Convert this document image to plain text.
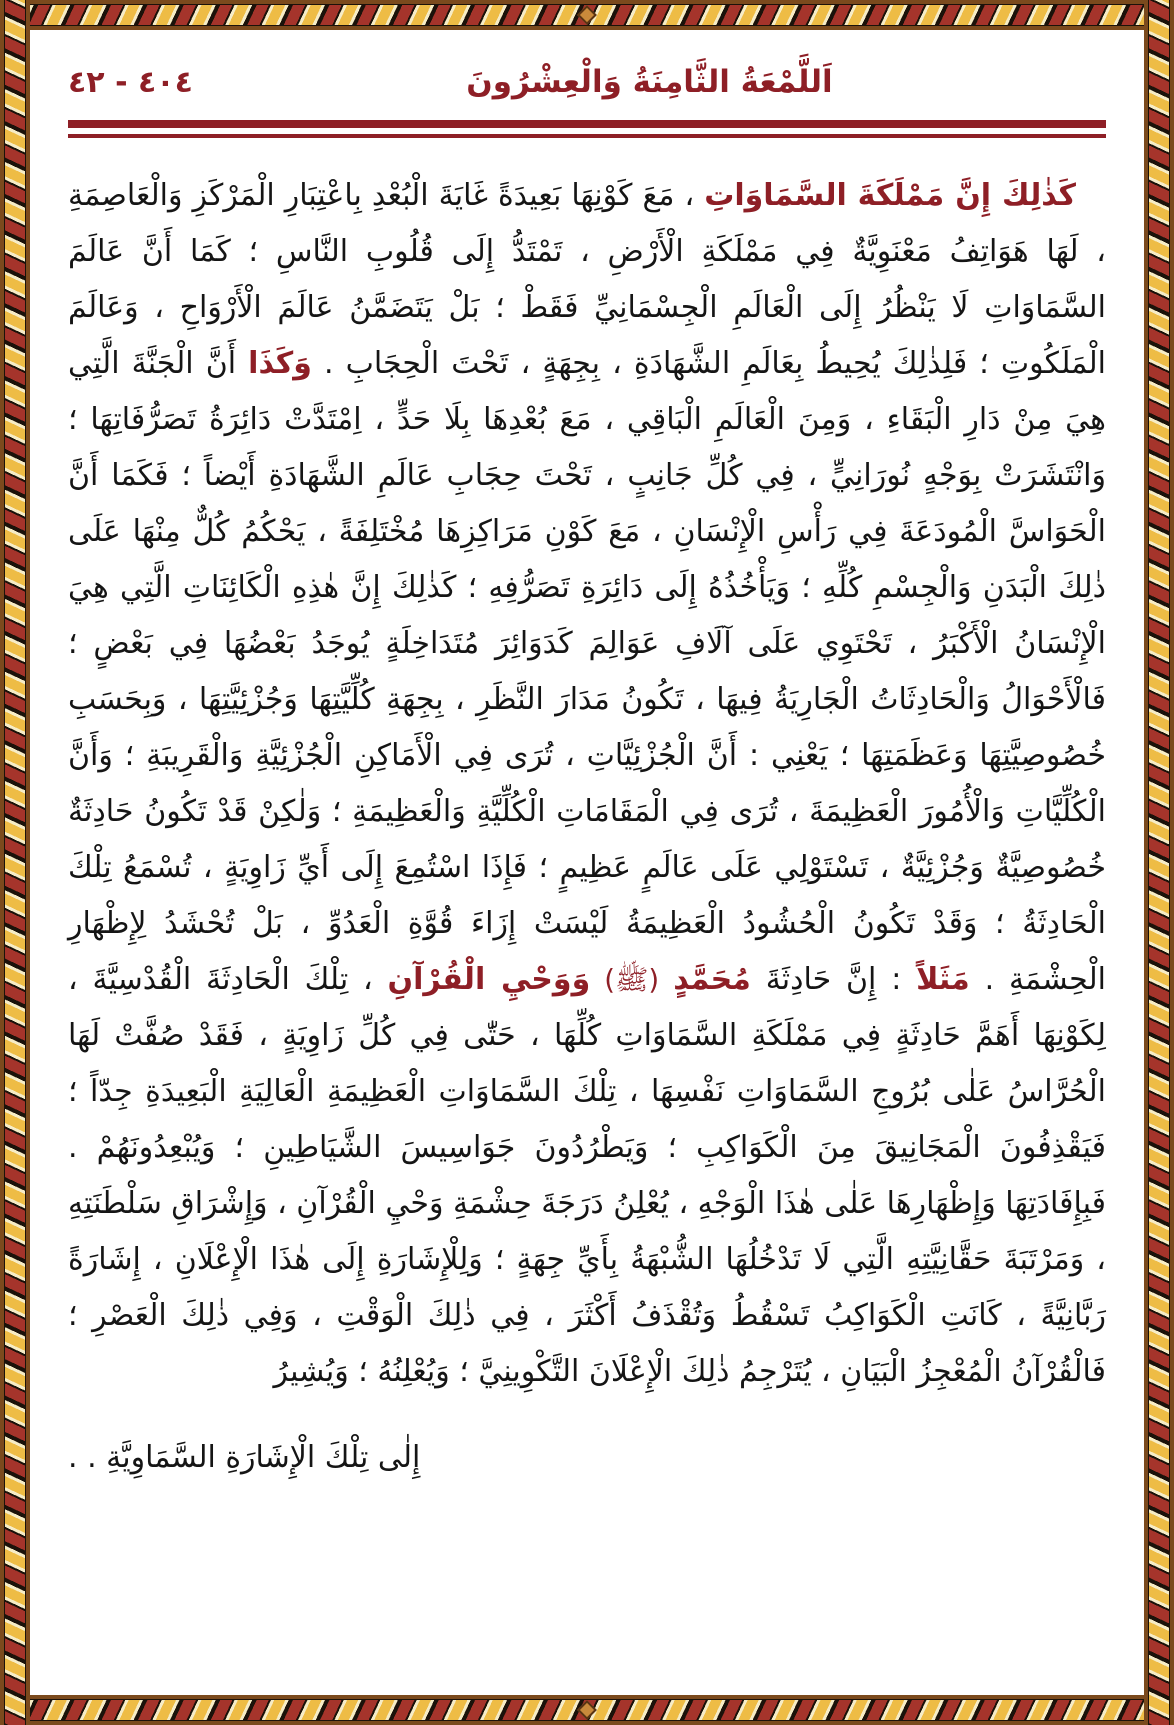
اَللَّمْعَةُ الثَّامِنَةُ وَالْعِشْرُونَ
٤٠٤ - ٤٢

كَذٰلِكَ إِنَّ مَمْلَكَةَ السَّمَاوَاتِ ، مَعَ كَوْنِهَا بَعِيدَةً غَايَةَ الْبُعْدِ بِاعْتِبَارِ الْمَرْكَزِ وَالْعَاصِمَةِ ، لَهَا هَوَاتِفُ مَعْنَوِيَّةٌ فِي مَمْلَكَةِ الْأَرْضِ ، تَمْتَدُّ إِلَى قُلُوبِ النَّاسِ ؛ كَمَا أَنَّ عَالَمَ السَّمَاوَاتِ لَا يَنْظُرُ إِلَى الْعَالَمِ الْجِسْمَانِيِّ فَقَطْ ؛ بَلْ يَتَضَمَّنُ عَالَمَ الْأَرْوَاحِ ، وَعَالَمَ الْمَلَكُوتِ ؛ فَلِذٰلِكَ يُحِيطُ بِعَالَمِ الشَّهَادَةِ ، بِجِهَةٍ ، تَحْتَ الْحِجَابِ . وَكَذَا أَنَّ الْجَنَّةَ الَّتِي هِيَ مِنْ دَارِ الْبَقَاءِ ، وَمِنَ الْعَالَمِ الْبَاقِي ، مَعَ بُعْدِهَا بِلَا حَدٍّ ، اِمْتَدَّتْ دَائِرَةُ تَصَرُّفَاتِهَا ؛ وَانْتَشَرَتْ بِوَجْهٍ نُورَانِيٍّ ، فِي كُلِّ جَانِبٍ ، تَحْتَ حِجَابِ عَالَمِ الشَّهَادَةِ أَيْضاً ؛ فَكَمَا أَنَّ الْحَوَاسَّ الْمُودَعَةَ فِي رَأْسِ الْإِنْسَانِ ، مَعَ كَوْنِ مَرَاكِزِهَا مُخْتَلِفَةً ، يَحْكُمُ كُلٌّ مِنْهَا عَلَى ذٰلِكَ الْبَدَنِ وَالْجِسْمِ كُلِّهِ ؛ وَيَأْخُذُهُ إِلَى دَائِرَةِ تَصَرُّفِهِ ؛ كَذٰلِكَ إِنَّ هٰذِهِ الْكَائِنَاتِ الَّتِي هِيَ الْإِنْسَانُ الْأَكْبَرُ ، تَحْتَوِي عَلَى آلَافِ عَوَالِمَ كَدَوَائِرَ مُتَدَاخِلَةٍ يُوجَدُ بَعْضُهَا فِي بَعْضٍ ؛ فَالْأَحْوَالُ وَالْحَادِثَاتُ الْجَارِيَةُ فِيهَا ، تَكُونُ مَدَارَ النَّظَرِ ، بِجِهَةِ كُلِّيَّتِهَا وَجُزْئِيَّتِهَا ، وَبِحَسَبِ خُصُوصِيَّتِهَا وَعَظَمَتِهَا ؛ يَعْنِي : أَنَّ الْجُزْئِيَّاتِ ، تُرَى فِي الْأَمَاكِنِ الْجُزْئِيَّةِ وَالْقَرِيبَةِ ؛ وَأَنَّ الْكُلِّيَّاتِ وَالْأُمُورَ الْعَظِيمَةَ ، تُرَى فِي الْمَقَامَاتِ الْكُلِّيَّةِ وَالْعَظِيمَةِ ؛ وَلٰكِنْ قَدْ تَكُونُ حَادِثَةٌ خُصُوصِيَّةٌ وَجُزْئِيَّةٌ ، تَسْتَوْلِي عَلَى عَالَمٍ عَظِيمٍ ؛ فَإِذَا اسْتُمِعَ إِلَى أَيِّ زَاوِيَةٍ ، تُسْمَعُ تِلْكَ الْحَادِثَةُ ؛ وَقَدْ تَكُونُ الْحُشُودُ الْعَظِيمَةُ لَيْسَتْ إِزَاءَ قُوَّةِ الْعَدُوِّ ، بَلْ تُحْشَدُ لِإِظْهَارِ الْحِشْمَةِ . مَثَلاً : إِنَّ حَادِثَةَ مُحَمَّدٍ (ﷺ) وَوَحْيِ الْقُرْآنِ ، تِلْكَ الْحَادِثَةَ الْقُدْسِيَّةَ ، لِكَوْنِهَا أَهَمَّ حَادِثَةٍ فِي مَمْلَكَةِ السَّمَاوَاتِ كُلِّهَا ، حَتّٰى فِي كُلِّ زَاوِيَةٍ ، فَقَدْ صُفَّتْ لَهَا الْحُرَّاسُ عَلٰى بُرُوجِ السَّمَاوَاتِ نَفْسِهَا ، تِلْكَ السَّمَاوَاتِ الْعَظِيمَةِ الْعَالِيَةِ الْبَعِيدَةِ جِدّاً ؛ فَيَقْذِفُونَ الْمَجَانِيقَ مِنَ الْكَوَاكِبِ ؛ وَيَطْرُدُونَ جَوَاسِيسَ الشَّيَاطِينِ ؛ وَيُبْعِدُونَهُمْ . فَبِإِفَادَتِهَا وَإِظْهَارِهَا عَلٰى هٰذَا الْوَجْهِ ، يُعْلِنُ دَرَجَةَ حِشْمَةِ وَحْيِ الْقُرْآنِ ، وَإِشْرَاقِ سَلْطَنَتِهِ ، وَمَرْتَبَةَ حَقَّانِيَّتِهِ الَّتِي لَا تَدْخُلُهَا الشُّبْهَةُ بِأَيِّ جِهَةٍ ؛ وَلِلْإِشَارَةِ إِلَى هٰذَا الْإِعْلَانِ ، إِشَارَةً رَبَّانِيَّةً ، كَانَتِ الْكَوَاكِبُ تَسْقُطُ وَتُقْذَفُ أَكْثَرَ ، فِي ذٰلِكَ الْوَقْتِ ، وَفِي ذٰلِكَ الْعَصْرِ ؛ فَالْقُرْآنُ الْمُعْجِزُ الْبَيَانِ ، يُتَرْجِمُ ذٰلِكَ الْإِعْلَانَ التَّكْوِينِيَّ ؛ وَيُعْلِنُهُ ؛ وَيُشِيرُ

إِلٰى تِلْكَ الْإِشَارَةِ السَّمَاوِيَّةِ . .
